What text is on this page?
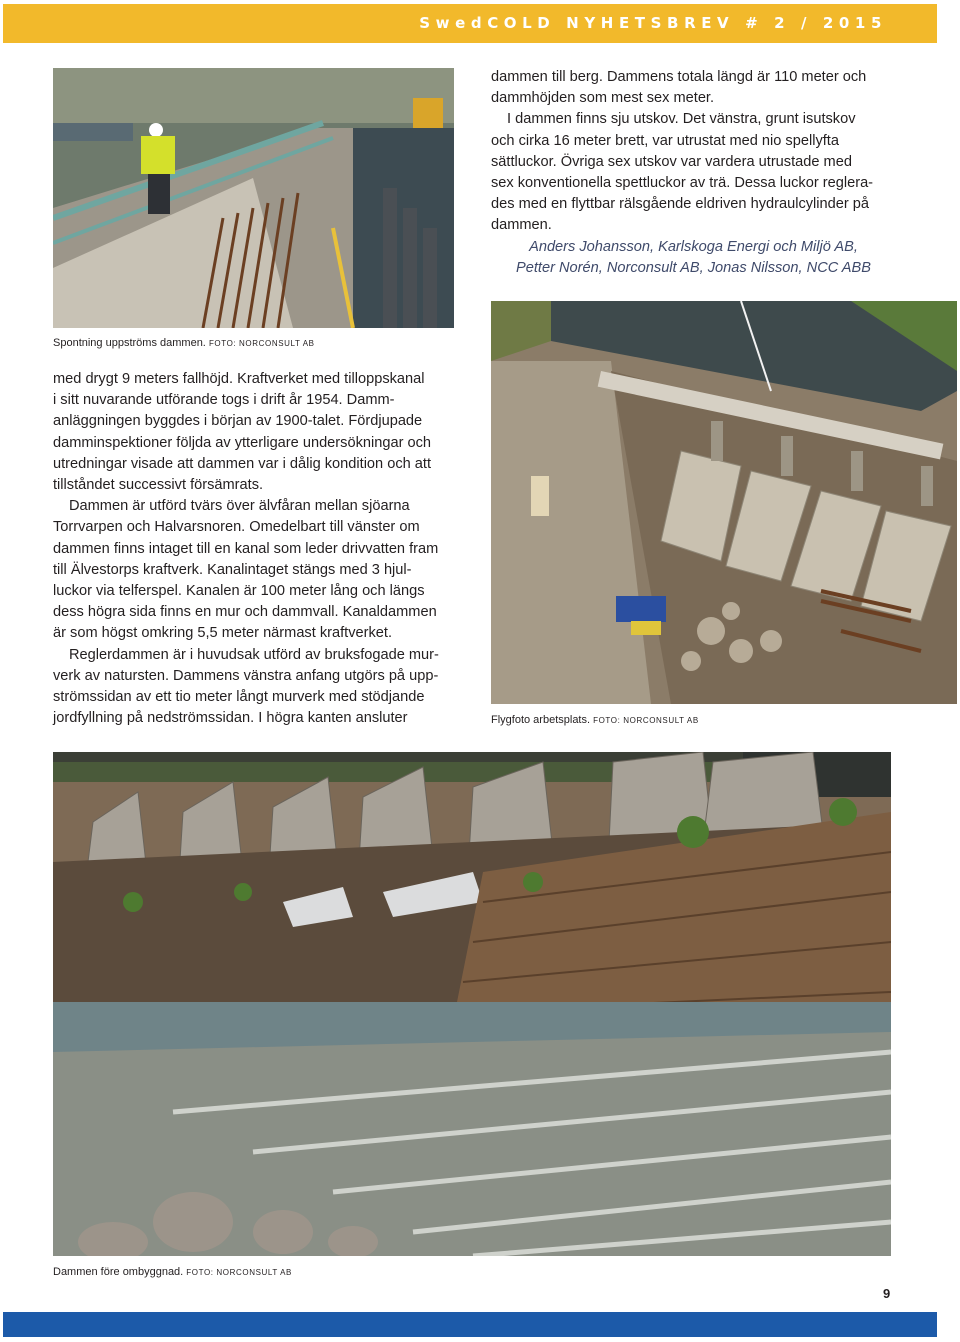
SwedCOLD NYHETSBREV # 2 / 2015
Spontning uppströms dammen. FOTO: NORCONSULT AB

dammen till berg. Dammens totala längd är 110 meter och

dammhöjden som mest sex meter.

I dammen finns sju utskov. Det vänstra, grunt isutskov

och cirka 16 meter brett, var utrustat med nio spellyfta

sättluckor. Övriga sex utskov var vardera utrustade med

sex konventionella spettluckor av trä. Dessa luckor reglera-

des med en flyttbar rälsgående eldriven hydraulcylinder på

dammen.

Anders Johansson, Karlskoga Energi och Miljö AB,
Petter Norén, Norconsult AB, Jonas Nilsson, NCC ABB
Flygfoto arbetsplats. FOTO: NORCONSULT AB

med drygt 9 meters fallhöjd. Kraftverket med tilloppskanal

i sitt nuvarande utförande togs i drift år 1954. Damm-

anläggningen byggdes i början av 1900-talet. Fördjupade

damminspektioner följda av ytterligare undersökningar och

utredningar visade att dammen var i dålig kondition och att

tillståndet successivt försämrats.

Dammen är utförd tvärs över älvfåran mellan sjöarna

Torrvarpen och Halvarsnoren. Omedelbart till vänster om

dammen finns intaget till en kanal som leder drivvatten fram

till Älvestorps kraftverk. Kanalintaget stängs med 3 hjul-

luckor via telferspel. Kanalen är 100 meter lång och längs

dess högra sida finns en mur och dammvall. Kanaldammen

är som högst omkring 5,5 meter närmast kraftverket.

Reglerdammen är i huvudsak utförd av bruksfogade mur-

verk av natursten. Dammens vänstra anfang utgörs på upp-

strömssidan av ett tio meter långt murverk med stödjande

jordfyllning på nedströmssidan. I högra kanten ansluter

Dammen före ombyggnad. FOTO: NORCONSULT AB
9
